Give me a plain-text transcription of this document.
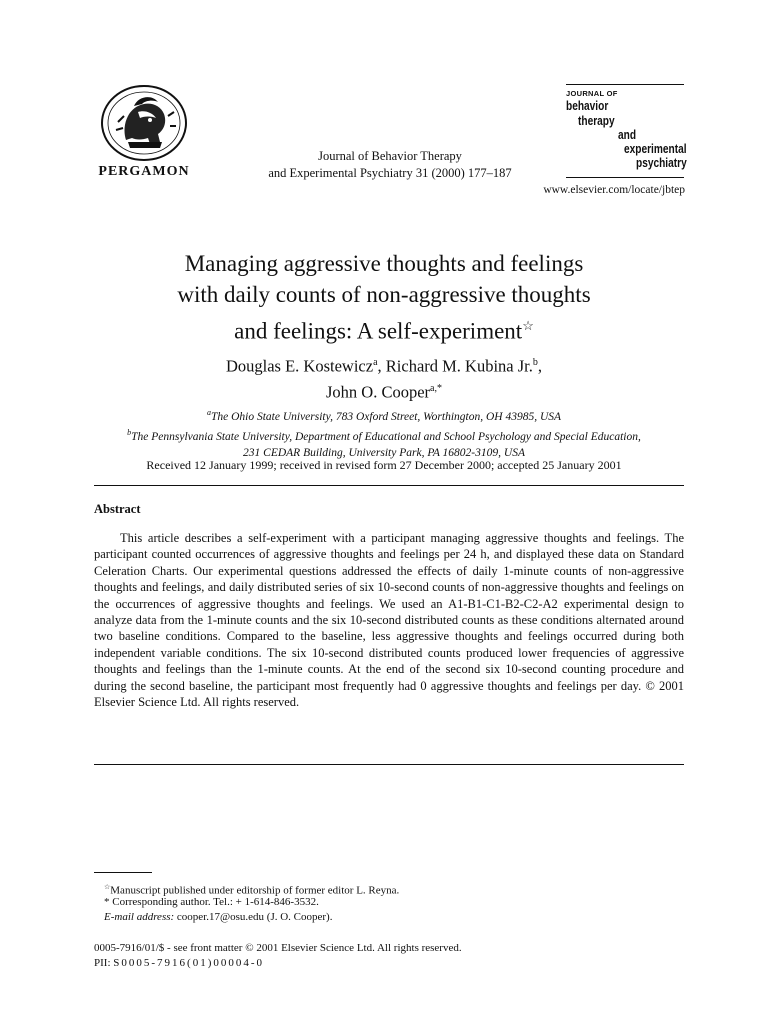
PERGAMON
Journal of Behavior Therapy
and Experimental Psychiatry 31 (2000) 177–187
JOURNAL OF
behavior
therapy
and
experimental
psychiatry
www.elsevier.com/locate/jbtep
Managing aggressive thoughts and feelings
with daily counts of non-aggressive thoughts
and feelings: A self-experiment☆
Douglas E. Kostewicz$^a$, Richard M. Kubina Jr.$^b$,
John O. Cooper$^{a,*}$
$^a$The Ohio State University, 783 Oxford Street, Worthington, OH 43985, USA
$^b$The Pennsylvania State University, Department of Educational and School Psychology and Special Education,
231 CEDAR Building, University Park, PA 16802-3109, USA
Received 12 January 1999; received in revised form 27 December 2000; accepted 25 January 2001
Abstract
This article describes a self-experiment with a participant managing aggressive thoughts and feelings. The participant counted occurrences of aggressive thoughts and feelings per 24 h, and displayed these data on Standard Celeration Charts. Our experimental questions addressed the effects of daily 1-minute counts of non-aggressive thoughts and feelings, and daily distributed series of six 10-second counts of non-aggressive thoughts and feelings on the occurrences of aggressive thoughts and feelings. We used an A1-B1-C1-B2-C2-A2 experimental design to analyze data from the 1-minute counts and the six 10-second distributed counts as these conditions alternated around two baseline conditions. Compared to the baseline, less aggressive thoughts and feelings occurred during both independent variable conditions. The six 10-second distributed counts produced lower frequencies of aggressive thoughts and feelings than the 1-minute counts. At the end of the second six 10-second counting procedure and during the second baseline, the participant most frequently had 0 aggressive thoughts and feelings per day. © 2001 Elsevier Science Ltd. All rights reserved.
☆Manuscript published under editorship of former editor L. Reyna.
* Corresponding author. Tel.: + 1-614-846-3532.
E-mail address: cooper.17@osu.edu (J. O. Cooper).
0005-7916/01/$ - see front matter © 2001 Elsevier Science Ltd. All rights reserved.
PII: S0005-7916(01)00004-0
